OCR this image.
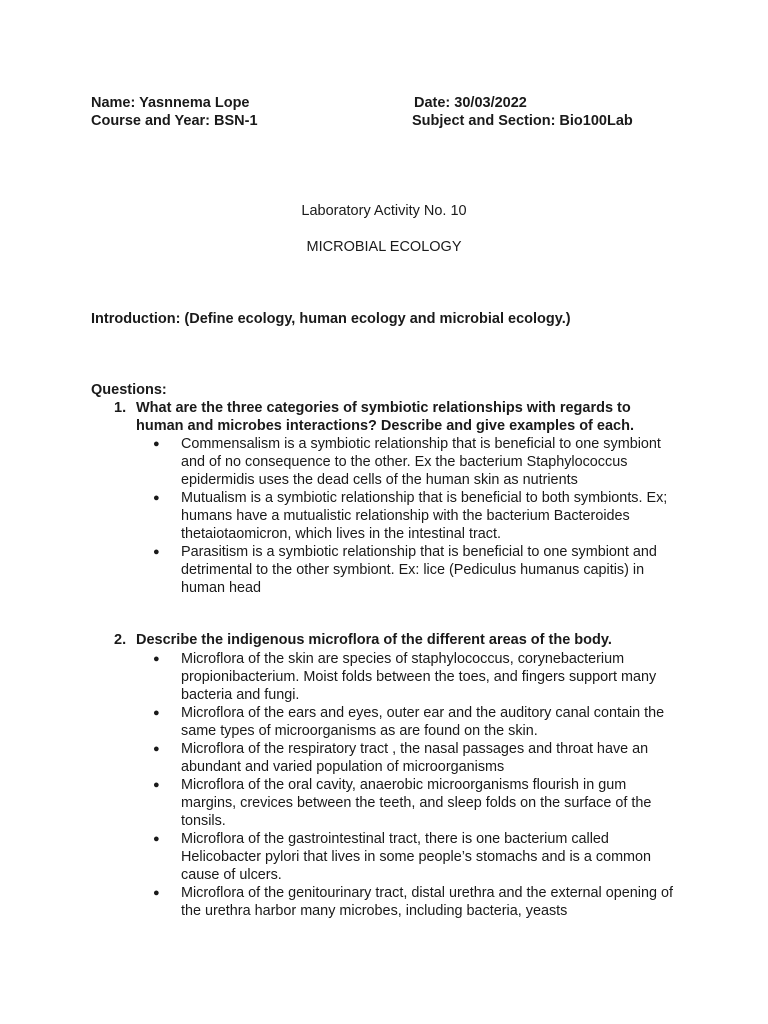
Name: Yasnnema Lope	Date: 30/03/2022
Course and Year: BSN-1	Subject and Section: Bio100Lab
Laboratory Activity No. 10
MICROBIAL ECOLOGY
Introduction: (Define ecology, human ecology and microbial ecology.)
Questions:
1. What are the three categories of symbiotic relationships with regards to human and microbes interactions? Describe and give examples of each.
● Commensalism is a symbiotic relationship that is beneficial to one symbiont and of no consequence to the other. Ex the bacterium Staphylococcus epidermidis uses the dead cells of the human skin as nutrients
● Mutualism is a symbiotic relationship that is beneficial to both symbionts. Ex; humans have a mutualistic relationship with the bacterium Bacteroides thetaiotaomicron, which lives in the intestinal tract.
● Parasitism is a symbiotic relationship that is beneficial to one symbiont and detrimental to the other symbiont. Ex: lice (Pediculus humanus capitis) in human head
2. Describe the indigenous microflora of the different areas of the body.
● Microflora of the skin are species of staphylococcus, corynebacterium propionibacterium. Moist folds between the toes, and fingers support many bacteria and fungi.
● Microflora of the ears and eyes, outer ear and the auditory canal contain the same types of microorganisms as are found on the skin.
● Microflora of the respiratory tract , the nasal passages and throat have an abundant and varied population of microorganisms
● Microflora of the oral cavity, anaerobic microorganisms flourish in gum margins, crevices between the teeth, and sleep folds on the surface of the tonsils.
● Microflora of the gastrointestinal tract, there is one bacterium called Helicobacter pylori that lives in some people’s stomachs and is a common cause of ulcers.
● Microflora of the genitourinary tract, distal urethra and the external opening of the urethra harbor many microbes, including bacteria, yeasts
